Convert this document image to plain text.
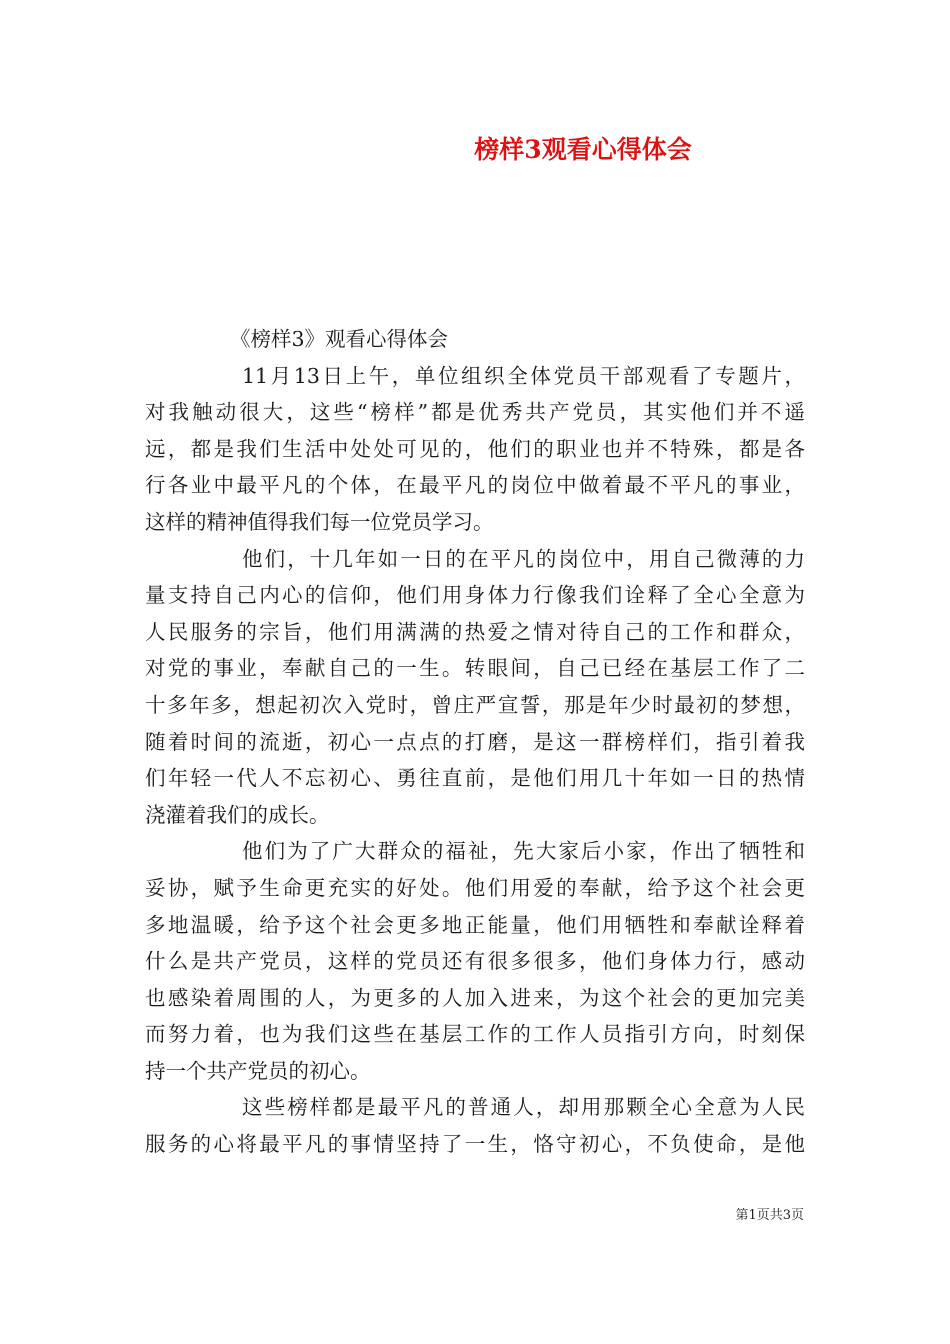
榜样3观看心得体会
《榜样3》观看心得体会
11月13日上午，单位组织全体党员干部观看了专题片，
对我触动很大，这些“榜样”都是优秀共产党员，其实他们并不遥
远，都是我们生活中处处可见的，他们的职业也并不特殊，都是各
行各业中最平凡的个体，在最平凡的岗位中做着最不平凡的事业，
这样的精神值得我们每一位党员学习。
他们，十几年如一日的在平凡的岗位中，用自己微薄的力
量支持自己内心的信仰，他们用身体力行像我们诠释了全心全意为
人民服务的宗旨，他们用满满的热爱之情对待自己的工作和群众，
对党的事业，奉献自己的一生。转眼间，自己已经在基层工作了二
十多年多，想起初次入党时，曾庄严宣誓，那是年少时最初的梦想，
随着时间的流逝，初心一点点的打磨，是这一群榜样们，指引着我
们年轻一代人不忘初心、勇往直前，是他们用几十年如一日的热情
浇灌着我们的成长。
他们为了广大群众的福祉，先大家后小家，作出了牺牲和
妥协，赋予生命更充实的好处。他们用爱的奉献，给予这个社会更
多地温暖，给予这个社会更多地正能量，他们用牺牲和奉献诠释着
什么是共产党员，这样的党员还有很多很多，他们身体力行，感动
也感染着周围的人，为更多的人加入进来，为这个社会的更加完美
而努力着，也为我们这些在基层工作的工作人员指引方向，时刻保
持一个共产党员的初心。
这些榜样都是最平凡的普通人，却用那颗全心全意为人民
服务的心将最平凡的事情坚持了一生，恪守初心，不负使命，是他
第1页共3页
